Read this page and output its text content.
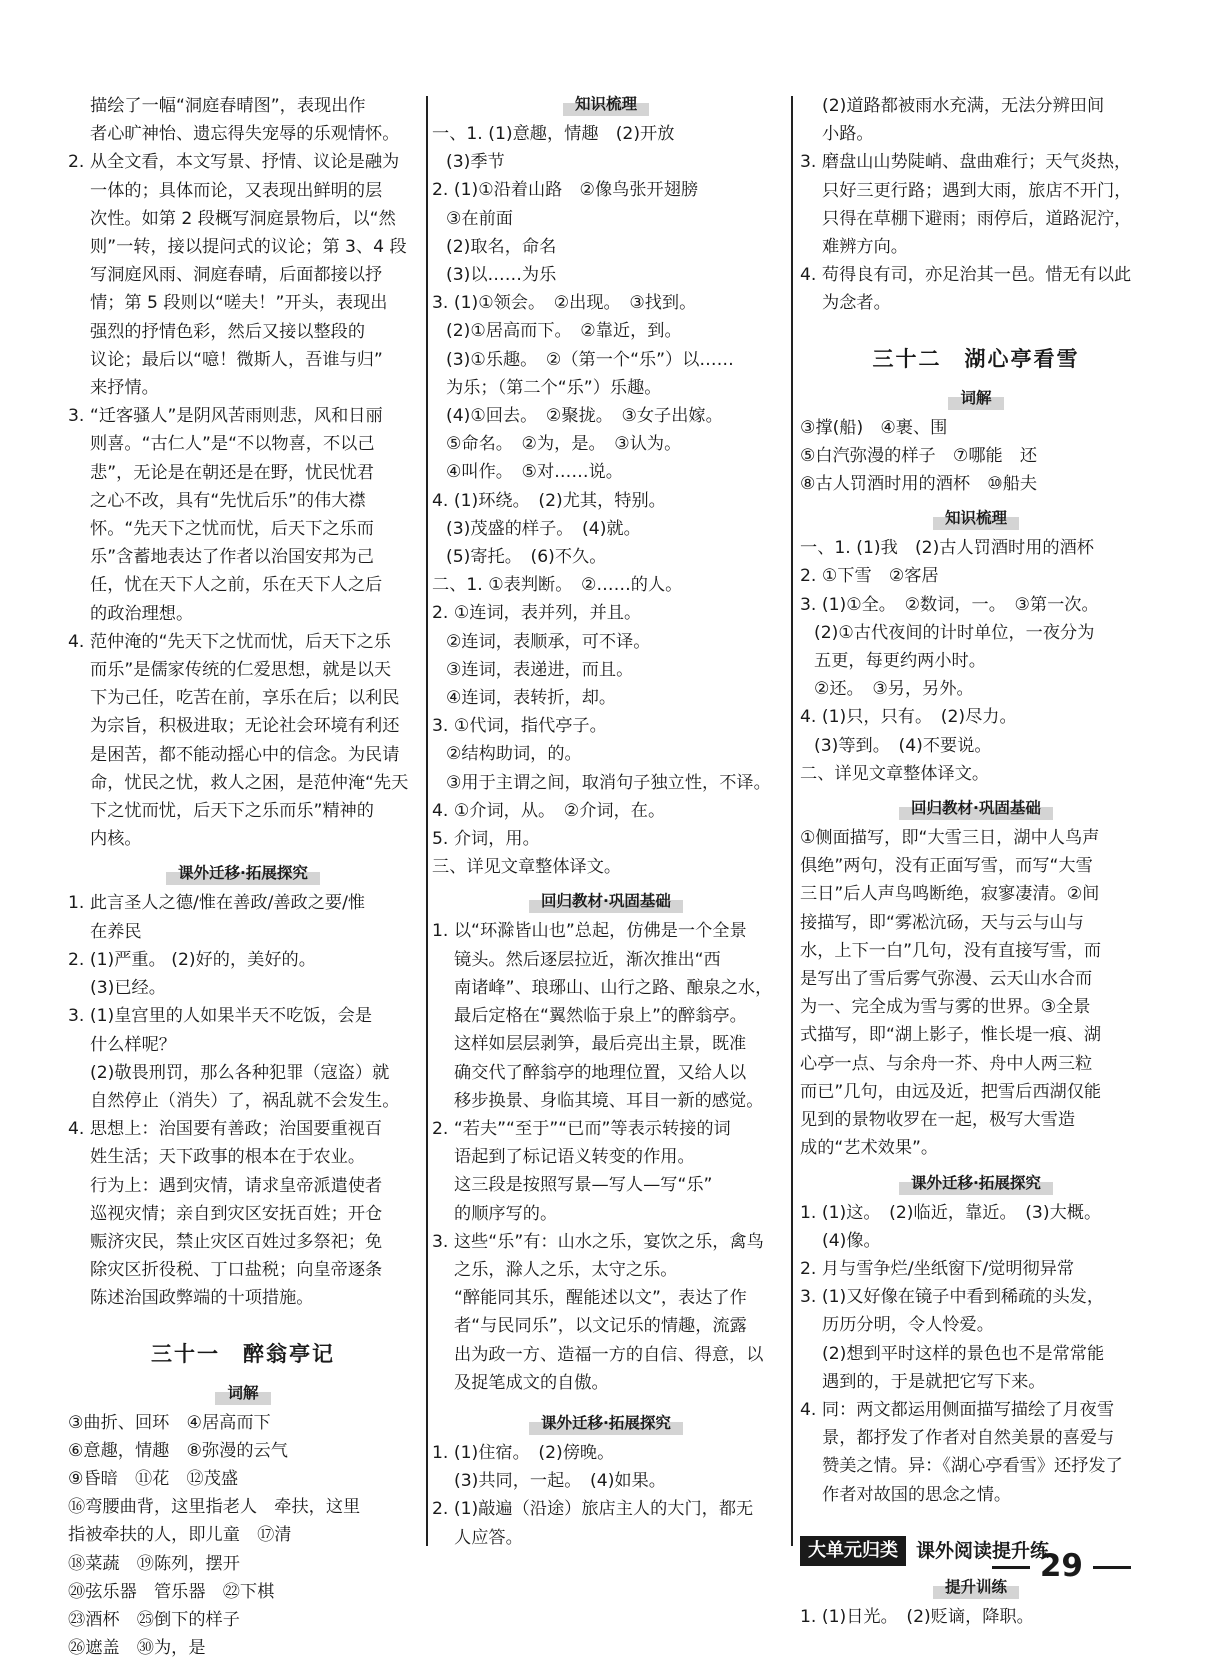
描绘了一幅“洞庭春晴图”，表现出作
者心旷神怡、遗忘得失宠辱的乐观情怀。
2. 从全文看，本文写景、抒情、议论是融为
一体的；具体而论，又表现出鲜明的层
次性。如第 2 段概写洞庭景物后，以“然
则”一转，接以提问式的议论；第 3、4 段
写洞庭风雨、洞庭春晴，后面都接以抒
情；第 5 段则以“嗟夫！”开头，表现出
强烈的抒情色彩，然后又接以整段的
议论；最后以“噫！微斯人，吾谁与归”
来抒情。
3. “迁客骚人”是阴风苦雨则悲，风和日丽
则喜。“古仁人”是“不以物喜，不以己
悲”，无论是在朝还是在野，忧民忧君
之心不改，具有“先忧后乐”的伟大襟
怀。“先天下之忧而忧，后天下之乐而
乐”含蓄地表达了作者以治国安邦为己
任，忧在天下人之前，乐在天下人之后
的政治理想。
4. 范仲淹的“先天下之忧而忧，后天下之乐
而乐”是儒家传统的仁爱思想，就是以天
下为己任，吃苦在前，享乐在后；以利民
为宗旨，积极进取；无论社会环境有利还
是困苦，都不能动摇心中的信念。为民请
命，忧民之忧，救人之困，是范仲淹“先天
下之忧而忧，后天下之乐而乐”精神的
内核。
课外迁移·拓展探究
1. 此言圣人之德/惟在善政/善政之要/惟
在养民
2. (1)严重。 (2)好的，美好的。
(3)已经。
3. (1)皇宫里的人如果半天不吃饭，会是
什么样呢？
(2)敬畏刑罚，那么各种犯罪（寇盗）就
自然停止（消失）了，祸乱就不会发生。
4. 思想上：治国要有善政；治国要重视百
姓生活；天下政事的根本在于农业。
行为上：遇到灾情，请求皇帝派遣使者
巡视灾情；亲自到灾区安抚百姓；开仓
赈济灾民，禁止灾区百姓过多祭祀；免
除灾区折役税、丁口盐税；向皇帝逐条
陈述治国政弊端的十项措施。
三十一　醉翁亭记
词解
③曲折、回环　④居高而下
⑥意趣，情趣　⑧弥漫的云气
⑨昏暗　⑪花　⑫茂盛
⑯弯腰曲背，这里指老人　牵扶，这里
指被牵扶的人，即儿童　⑰清
⑱菜蔬　⑲陈列，摆开
⑳弦乐器　管乐器　㉒下棋
㉓酒杯　㉕倒下的样子
㉖遮盖　㉚为，是
知识梳理
一、1. (1)意趣，情趣　(2)开放
(3)季节
2. (1)①沿着山路　②像鸟张开翅膀
③在前面
(2)取名，命名
(3)以……为乐
3. (1)①领会。　②出现。　③找到。
(2)①居高而下。　②靠近，到。
(3)①乐趣。　②（第一个“乐”）以……
为乐；（第二个“乐”）乐趣。
(4)①回去。　②聚拢。　③女子出嫁。
⑤命名。　②为，是。　③认为。
④叫作。　⑤对……说。
4. (1)环绕。　(2)尤其，特别。
(3)茂盛的样子。　(4)就。
(5)寄托。　(6)不久。
二、1. ①表判断。　②……的人。
2. ①连词，表并列，并且。
②连词，表顺承，可不译。
③连词，表递进，而且。
④连词，表转折，却。
3. ①代词，指代亭子。
②结构助词，的。
③用于主谓之间，取消句子独立性，不译。
4. ①介词，从。　②介词，在。
5. 介词，用。
三、详见文章整体译文。
回归教材·巩固基础
1. 以“环滁皆山也”总起，仿佛是一个全景
镜头。然后逐层拉近，渐次推出“西
南诸峰”、琅琊山、山行之路、酿泉之水，
最后定格在“翼然临于泉上”的醉翁亭。
这样如层层剥笋，最后亮出主景，既准
确交代了醉翁亭的地理位置，又给人以
移步换景、身临其境、耳目一新的感觉。
2. “若夫”“至于”“已而”等表示转接的词
语起到了标记语义转变的作用。
这三段是按照写景—写人—写“乐”
的顺序写的。
3. 这些“乐”有：山水之乐，宴饮之乐，禽鸟
之乐，滁人之乐，太守之乐。
“醉能同其乐，醒能述以文”，表达了作
者“与民同乐”，以文记乐的情趣，流露
出为政一方、造福一方的自信、得意，以
及捉笔成文的自傲。
课外迁移·拓展探究
1. (1)住宿。　(2)傍晚。
(3)共同，一起。　(4)如果。
2. (1)敲遍（沿途）旅店主人的大门，都无
人应答。
(2)道路都被雨水充满，无法分辨田间
小路。
3. 磨盘山山势陡峭、盘曲难行；天气炎热，
只好三更行路；遇到大雨，旅店不开门，
只得在草棚下避雨；雨停后，道路泥泞，
难辨方向。
4. 苟得良有司，亦足治其一邑。惜无有以此
为念者。
三十二　湖心亭看雪
词解
③撑(船)　④裹、围
⑤白汽弥漫的样子　⑦哪能　还
⑧古人罚酒时用的酒杯　⑩船夫
知识梳理
一、1. (1)我　(2)古人罚酒时用的酒杯
2. ①下雪　②客居
3. (1)①全。　②数词，一。　③第一次。
(2)①古代夜间的计时单位，一夜分为
五更，每更约两小时。
②还。　③另，另外。
4. (1)只，只有。　(2)尽力。
(3)等到。　(4)不要说。
二、详见文章整体译文。
回归教材·巩固基础
①侧面描写，即“大雪三日，湖中人鸟声
俱绝”两句，没有正面写雪，而写“大雪
三日”后人声鸟鸣断绝，寂寥凄清。②间
接描写，即“雾凇沆砀，天与云与山与
水，上下一白”几句，没有直接写雪，而
是写出了雪后雾气弥漫、云天山水合而
为一、完全成为雪与雾的世界。③全景
式描写，即“湖上影子，惟长堤一痕、湖
心亭一点、与余舟一芥、舟中人两三粒
而已”几句，由远及近，把雪后西湖仅能
见到的景物收罗在一起，极写大雪造
成的“艺术效果”。
课外迁移·拓展探究
1. (1)这。　(2)临近，靠近。　(3)大概。
(4)像。
2. 月与雪争烂/坐纸窗下/觉明彻异常
3. (1)又好像在镜子中看到稀疏的头发，
历历分明，令人怜爱。
(2)想到平时这样的景色也不是常常能
遇到的，于是就把它写下来。
4. 同：两文都运用侧面描写描绘了月夜雪
景，都抒发了作者对自然美景的喜爱与
赞美之情。异：《湖心亭看雪》还抒发了
作者对故国的思念之情。
大单元归类 课外阅读提升练
提升训练
1. (1)日光。　(2)贬谪，降职。
29
